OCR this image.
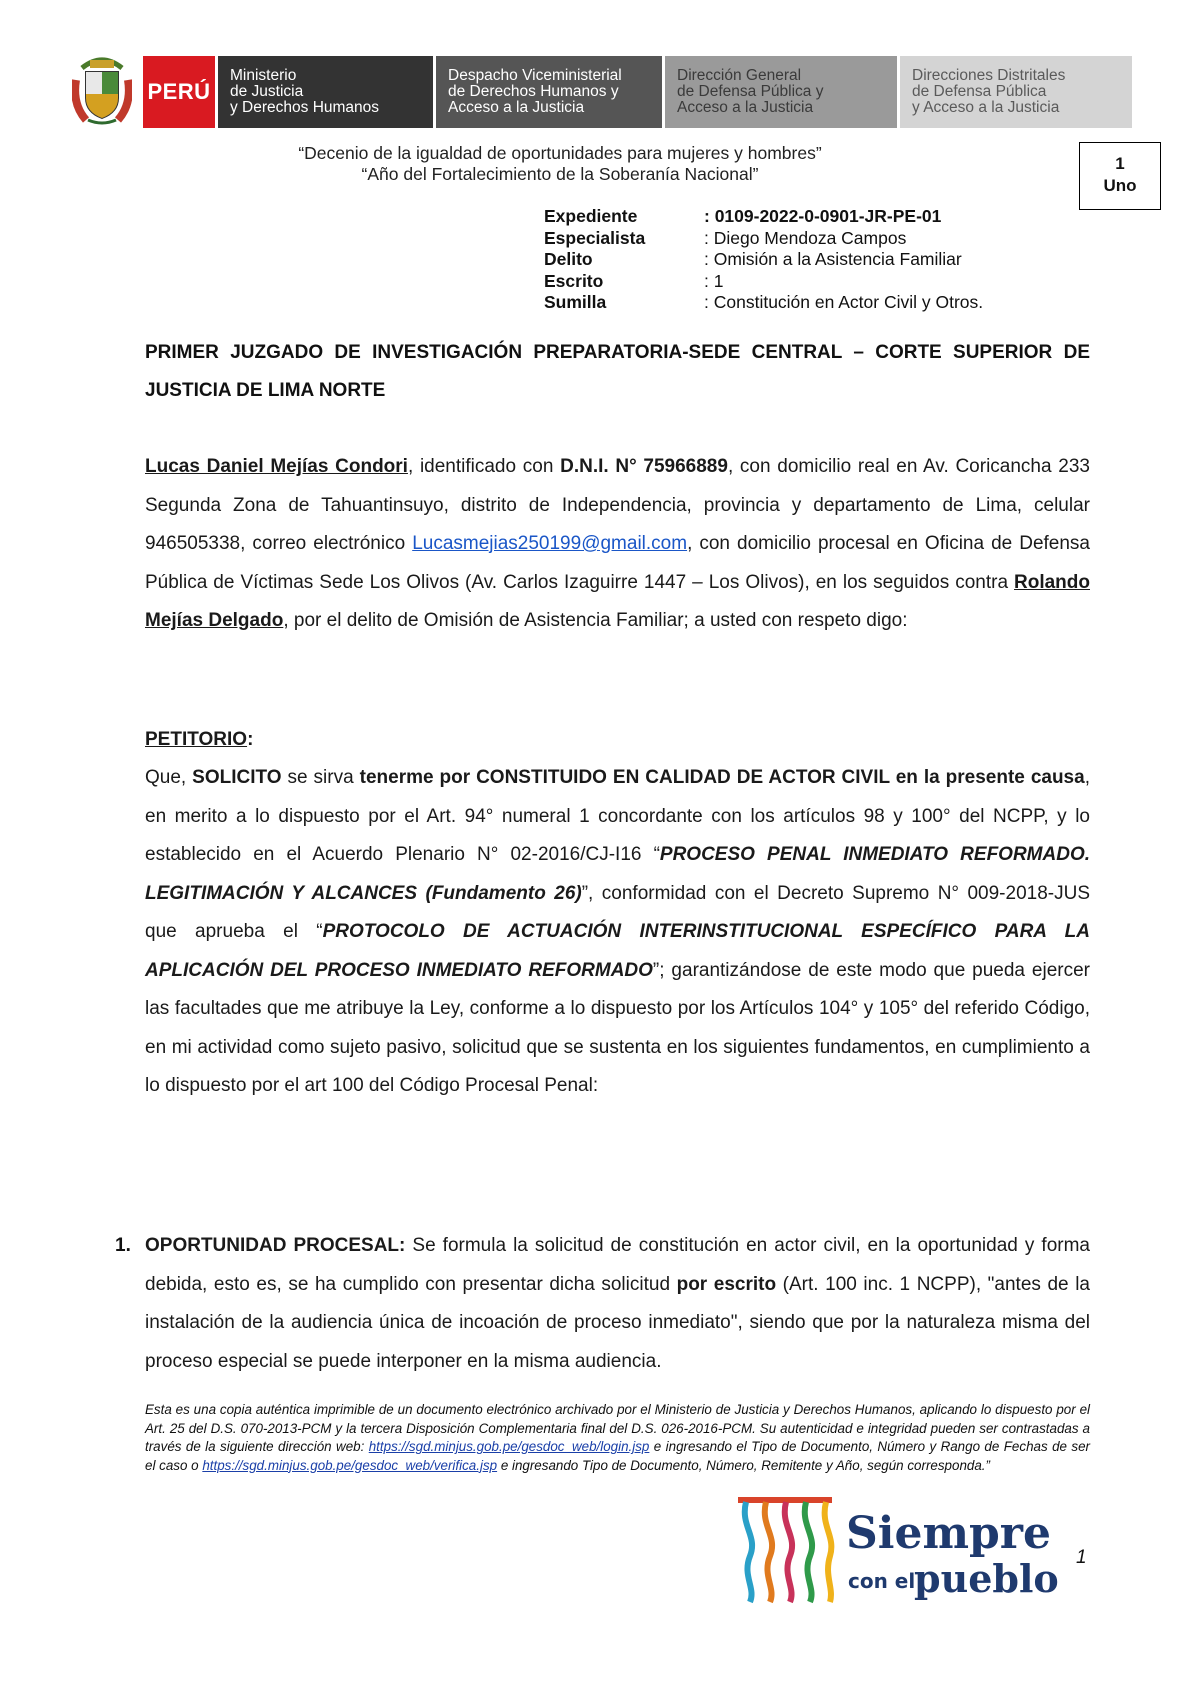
PERÚ
Ministerio
de Justicia
y Derechos Humanos
Despacho Viceministerial
de Derechos Humanos y
Acceso a la Justicia
Dirección General
de Defensa Pública y
Acceso a la Justicia
Direcciones Distritales
de Defensa Pública
y Acceso a la Justicia
“Decenio de la igualdad de oportunidades para mujeres y hombres”
“Año del Fortalecimiento de la Soberanía Nacional”
1
Uno
Expediente	: 0109-2022-0-0901-JR-PE-01
Especialista	: Diego Mendoza Campos
Delito	: Omisión a la Asistencia Familiar
Escrito	: 1
Sumilla	: Constitución en Actor Civil y Otros.
PRIMER JUZGADO DE INVESTIGACIÓN PREPARATORIA-SEDE CENTRAL – CORTE SUPERIOR DE JUSTICIA DE LIMA NORTE
Lucas Daniel Mejías Condori, identificado con D.N.I. N° 75966889, con domicilio real en Av. Coricancha 233 Segunda Zona de Tahuantinsuyo, distrito de Independencia, provincia y departamento de Lima, celular 946505338, correo electrónico Lucasmejias250199@gmail.com, con domicilio procesal en Oficina de Defensa Pública de Víctimas Sede Los Olivos (Av. Carlos Izaguirre 1447 – Los Olivos), en los seguidos contra Rolando Mejías Delgado, por el delito de Omisión de Asistencia Familiar; a usted con respeto digo:
PETITORIO:
Que, SOLICITO se sirva tenerme por CONSTITUIDO EN CALIDAD DE ACTOR CIVIL en la presente causa, en merito a lo dispuesto por el Art. 94° numeral 1 concordante con los artículos 98 y 100° del NCPP, y lo establecido en el Acuerdo Plenario N° 02-2016/CJ-I16 “PROCESO PENAL INMEDIATO REFORMADO. LEGITIMACIÓN Y ALCANCES (Fundamento 26)”, conformidad con el Decreto Supremo N° 009-2018-JUS que aprueba el “PROTOCOLO DE ACTUACIÓN INTERINSTITUCIONAL ESPECÍFICO PARA LA APLICACIÓN DEL PROCESO INMEDIATO REFORMADO”; garantizándose de este modo que pueda ejercer las facultades que me atribuye la Ley, conforme a lo dispuesto por los Artículos 104° y 105° del referido Código, en mi actividad como sujeto pasivo, solicitud que se sustenta en los siguientes fundamentos, en cumplimiento a lo dispuesto por el art 100 del Código Procesal Penal:
1. OPORTUNIDAD PROCESAL: Se formula la solicitud de constitución en actor civil, en la oportunidad y forma debida, esto es, se ha cumplido con presentar dicha solicitud por escrito (Art. 100 inc. 1 NCPP), "antes de la instalación de la audiencia única de incoación de proceso inmediato", siendo que por la naturaleza misma del proceso especial se puede interponer en la misma audiencia.
Esta es una copia auténtica imprimible de un documento electrónico archivado por el Ministerio de Justicia y Derechos Humanos, aplicando lo dispuesto por el Art. 25 del D.S. 070-2013-PCM y la tercera Disposición Complementaria final del D.S. 026-2016-PCM. Su autenticidad e integridad pueden ser contrastadas a través de la siguiente dirección web: https://sgd.minjus.gob.pe/gesdoc_web/login.jsp e ingresando el Tipo de Documento, Número y Rango de Fechas de ser el caso o https://sgd.minjus.gob.pe/gesdoc_web/verifica.jsp e ingresando Tipo de Documento, Número, Remitente y Año, según corresponda.”
Siempre
con el
pueblo 1
